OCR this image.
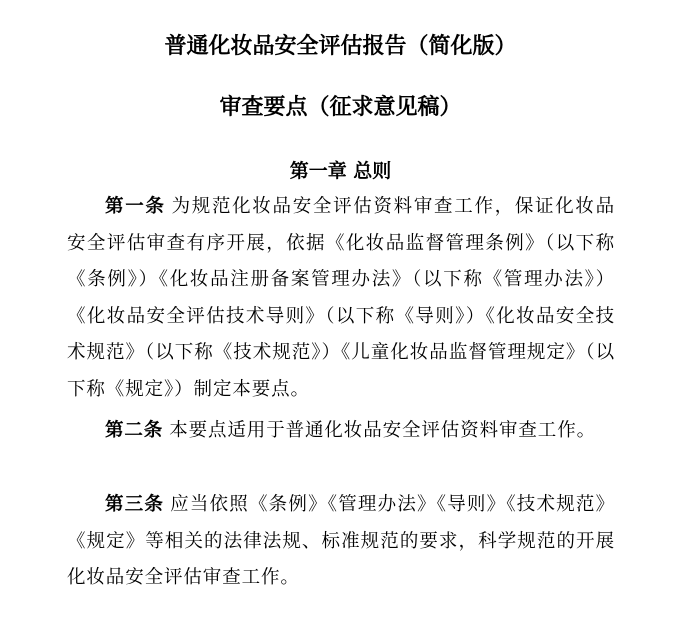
普通化妆品安全评估报告（简化版）
审查要点（征求意见稿）
第一章 总则
第一条 为规范化妆品安全评估资料审查工作，保证化妆品安全评估审查有序开展，依据《化妆品监督管理条例》（以下称《条例》）《化妆品注册备案管理办法》（以下称《管理办法》）《化妆品安全评估技术导则》（以下称《导则》）《化妆品安全技术规范》（以下称《技术规范》）《儿童化妆品监督管理规定》（以下称《规定》）制定本要点。
第二条 本要点适用于普通化妆品安全评估资料审查工作。
第三条 应当依照《条例》《管理办法》《导则》《技术规范》《规定》等相关的法律法规、标准规范的要求，科学规范的开展化妆品安全评估审查工作。
